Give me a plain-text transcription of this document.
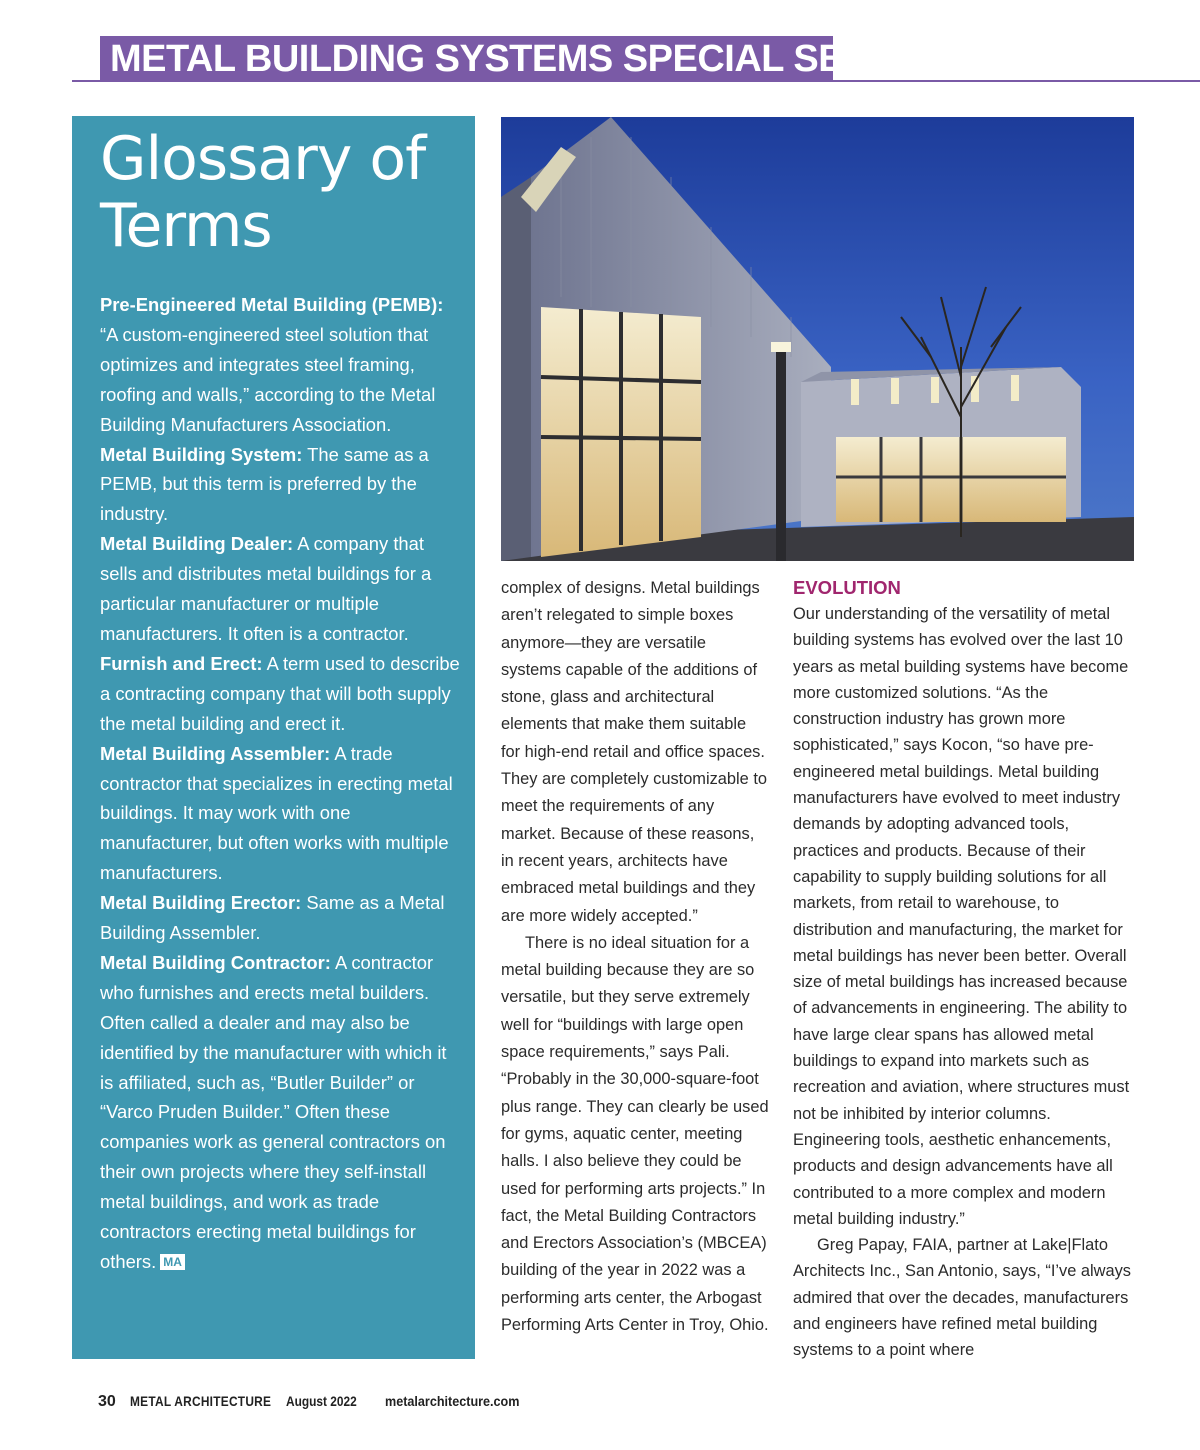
METAL BUILDING SYSTEMS SPECIAL SECTION
Glossary of
Terms

Pre-Engineered Metal Building (PEMB): “A custom-engineered steel solution that optimizes and integrates steel framing, roofing and walls,” according to the Metal Building Manufacturers Association.

Metal Building System: The same as a PEMB, but this term is preferred by the industry.

Metal Building Dealer: A company that sells and distributes metal buildings for a particular manufacturer or multiple manufacturers. It often is a contractor.

Furnish and Erect: A term used to describe a contracting company that will both supply the metal building and erect it.

Metal Building Assembler: A trade contractor that specializes in erecting metal buildings. It may work with one manufacturer, but often works with multiple manufacturers.

Metal Building Erector: Same as a Metal Building Assembler.

Metal Building Contractor: A contractor who furnishes and erects metal builders. Often called a dealer and may also be identified by the manufacturer with which it is affiliated, such as, “Butler Builder” or “Varco Pruden Builder.” Often these companies work as general contractors on their own projects where they self-install metal buildings, and work as trade contractors erecting metal buildings for others. MA

complex of designs. Metal buildings aren’t relegated to simple boxes anymore—they are versatile systems capable of the additions of stone, glass and architectural elements that make them suitable for high-end retail and office spaces. They are completely customizable to meet the requirements of any market. Because of these reasons, in recent years, architects have embraced metal buildings and they are more widely accepted.”

There is no ideal situation for a metal building because they are so versatile, but they serve extremely well for “buildings with large open space requirements,” says Pali. “Probably in the 30,000-square-foot plus range. They can clearly be used for gyms, aquatic center, meeting halls. I also believe they could be used for performing arts projects.” In fact, the Metal Building Contractors and Erectors Association’s (MBCEA) building of the year in 2022 was a performing arts center, the Arbogast Performing Arts Center in Troy, Ohio.

EVOLUTION

Our understanding of the versatility of metal building systems has evolved over the last 10 years as metal building systems have become more customized solutions. “As the construction industry has grown more sophisticated,” says Kocon, “so have pre-engineered metal buildings. Metal building manufacturers have evolved to meet industry demands by adopting advanced tools, practices and products. Because of their capability to supply building solutions for all markets, from retail to warehouse, to distribution and manufacturing, the market for metal buildings has never been better. Overall size of metal buildings has increased because of advancements in engineering. The ability to have large clear spans has allowed metal buildings to expand into markets such as recreation and aviation, where structures must not be inhibited by interior columns. Engineering tools, aesthetic enhancements, products and design advancements have all contributed to a more complex and modern metal building industry.”

Greg Papay, FAIA, partner at Lake|Flato Architects Inc., San Antonio, says, “I’ve always admired that over the decades, manufacturers and engineers have refined metal building systems to a point where

30 METAL ARCHITECTURE August 2022 metalarchitecture.com
